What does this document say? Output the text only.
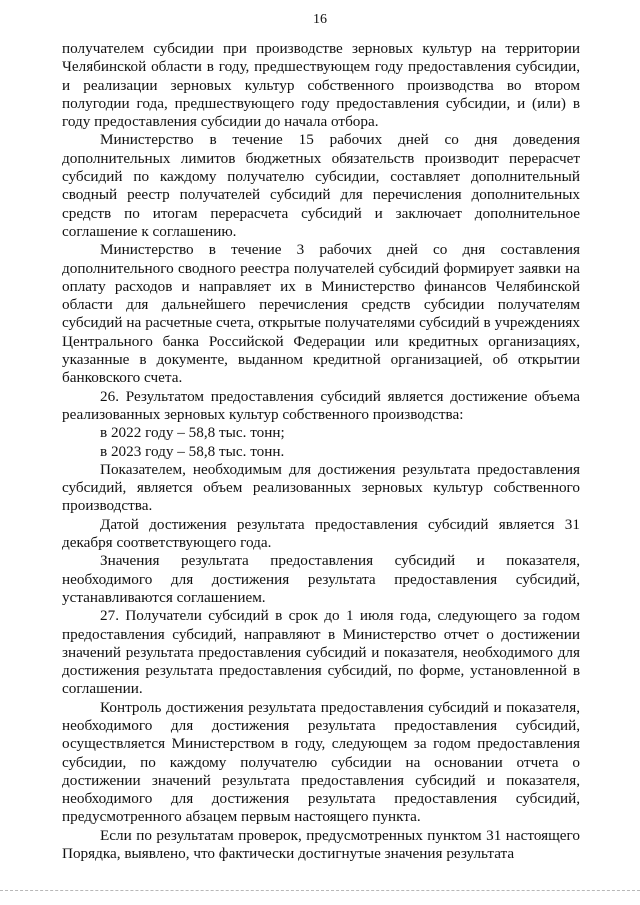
16

получателем субсидии при производстве зерновых культур на территории Челябинской области в году, предшествующем году предоставления субсидии, и реализации зерновых культур собственного производства во втором полугодии года, предшествующего году предоставления субсидии, и (или) в году предоставления субсидии до начала отбора.

Министерство в течение 15 рабочих дней со дня доведения дополнительных лимитов бюджетных обязательств производит перерасчет субсидий по каждому получателю субсидии, составляет дополнительный сводный реестр получателей субсидий для перечисления дополнительных средств по итогам перерасчета субсидий и заключает дополнительное соглашение к соглашению.

Министерство в течение 3 рабочих дней со дня составления дополнительного сводного реестра получателей субсидий формирует заявки на оплату расходов и направляет их в Министерство финансов Челябинской области для дальнейшего перечисления средств субсидии получателям субсидий на расчетные счета, открытые получателями субсидий в учреждениях Центрального банка Российской Федерации или кредитных организациях, указанные в документе, выданном кредитной организацией, об открытии банковского счета.

26. Результатом предоставления субсидий является достижение объема реализованных зерновых культур собственного производства:

в 2022 году – 58,8 тыс. тонн;

в 2023 году – 58,8 тыс. тонн.

Показателем, необходимым для достижения результата предоставления субсидий, является объем реализованных зерновых культур собственного производства.

Датой достижения результата предоставления субсидий является 31 декабря соответствующего года.

Значения результата предоставления субсидий и показателя, необходимого для достижения результата предоставления субсидий, устанавливаются соглашением.

27. Получатели субсидий в срок до 1 июля года, следующего за годом предоставления субсидий, направляют в Министерство отчет о достижении значений результата предоставления субсидий и показателя, необходимого для достижения результата предоставления субсидий, по форме, установленной в соглашении.

Контроль достижения результата предоставления субсидий и показателя, необходимого для достижения результата предоставления субсидий, осуществляется Министерством в году, следующем за годом предоставления субсидии, по каждому получателю субсидии на основании отчета о достижении значений результата предоставления субсидий и показателя, необходимого для достижения результата предоставления субсидий, предусмотренного абзацем первым настоящего пункта.

Если по результатам проверок, предусмотренных пунктом 31 настоящего Порядка, выявлено, что фактически достигнутые значения результата
